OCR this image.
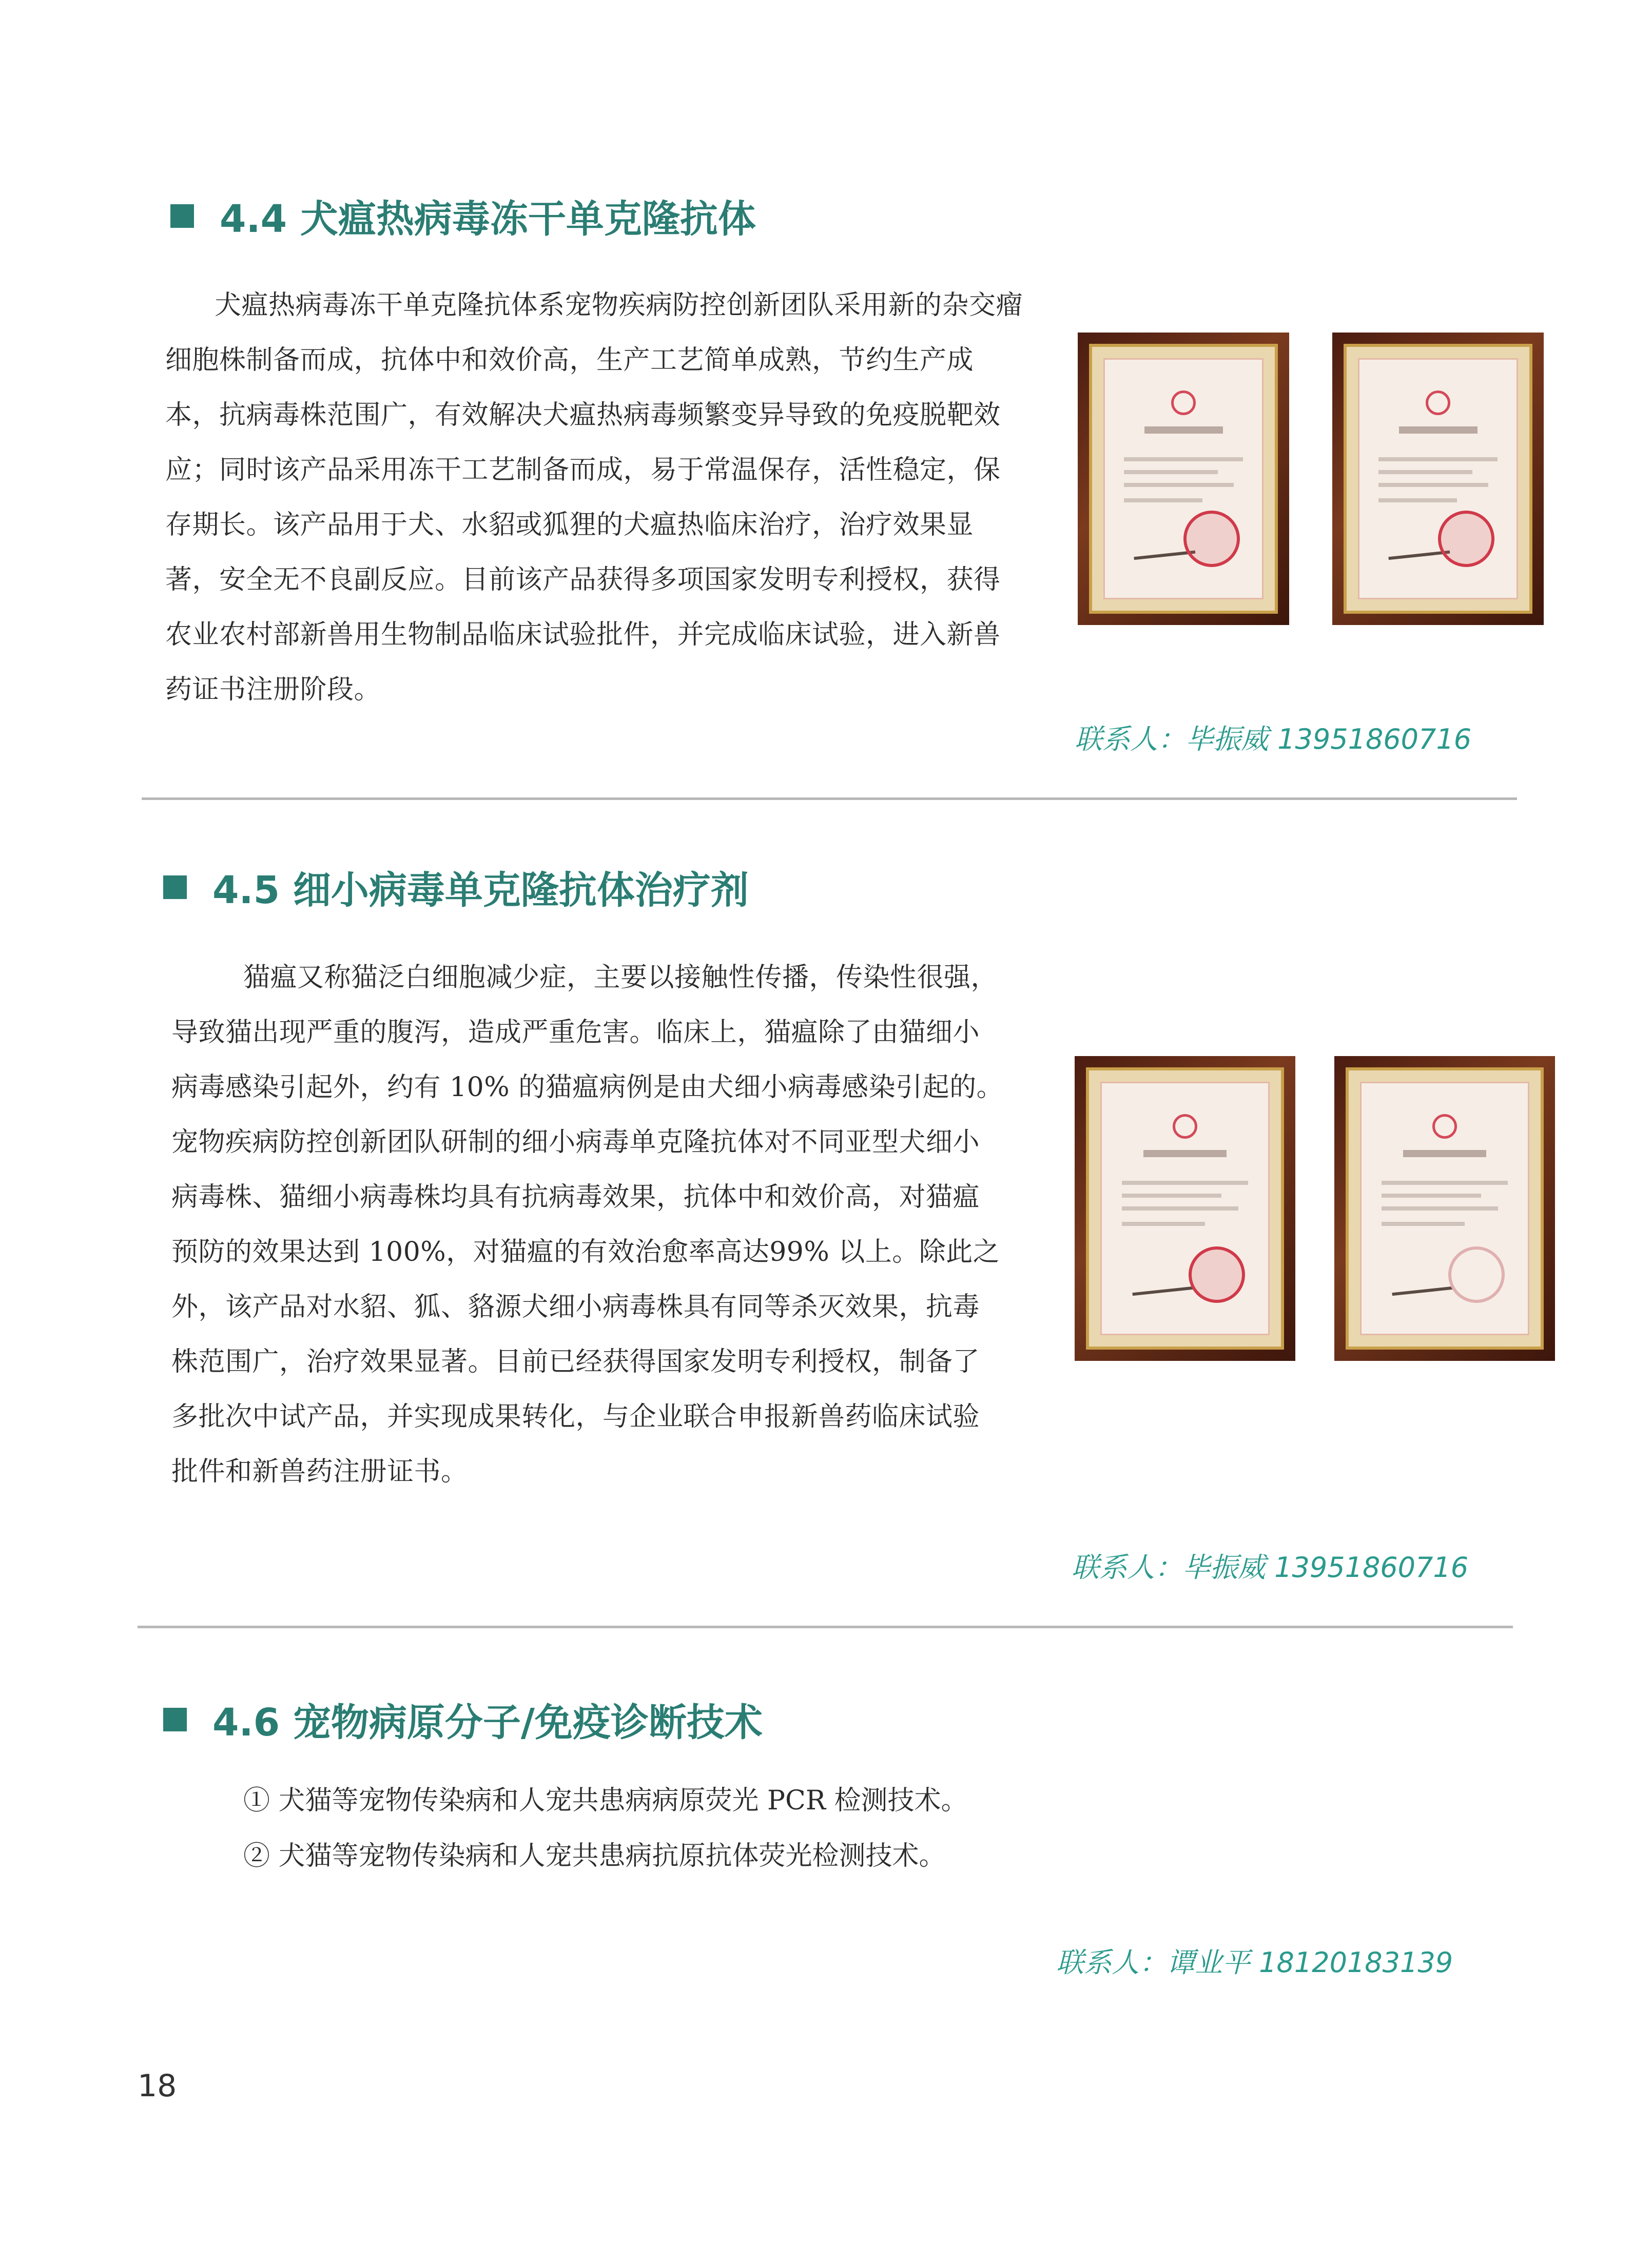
4.4 犬瘟热病毒冻干单克隆抗体
犬瘟热病毒冻干单克隆抗体系宠物疾病防控创新团队采用新的杂交瘤
细胞株制备而成，抗体中和效价高，生产工艺简单成熟，节约生产成
本，抗病毒株范围广，有效解决犬瘟热病毒频繁变异导致的免疫脱靶效
应；同时该产品采用冻干工艺制备而成，易于常温保存，活性稳定，保
存期长。该产品用于犬、水貂或狐狸的犬瘟热临床治疗，治疗效果显
著，安全无不良副反应。目前该产品获得多项国家发明专利授权，获得
农业农村部新兽用生物制品临床试验批件，并完成临床试验，进入新兽
药证书注册阶段。
联系人：毕振威 13951860716
4.5 细小病毒单克隆抗体治疗剂
猫瘟又称猫泛白细胞减少症，主要以接触性传播，传染性很强，
导致猫出现严重的腹泻，造成严重危害。临床上，猫瘟除了由猫细小
病毒感染引起外，约有 10% 的猫瘟病例是由犬细小病毒感染引起的。
宠物疾病防控创新团队研制的细小病毒单克隆抗体对不同亚型犬细小
病毒株、猫细小病毒株均具有抗病毒效果，抗体中和效价高，对猫瘟
预防的效果达到 100%，对猫瘟的有效治愈率高达99% 以上。除此之
外，该产品对水貂、狐、貉源犬细小病毒株具有同等杀灭效果，抗毒
株范围广，治疗效果显著。目前已经获得国家发明专利授权，制备了
多批次中试产品，并实现成果转化，与企业联合申报新兽药临床试验
批件和新兽药注册证书。
联系人：毕振威 13951860716
4.6 宠物病原分子/免疫诊断技术
① 犬猫等宠物传染病和人宠共患病病原荧光 PCR 检测技术。
② 犬猫等宠物传染病和人宠共患病抗原抗体荧光检测技术。
联系人：谭业平 18120183139
18
